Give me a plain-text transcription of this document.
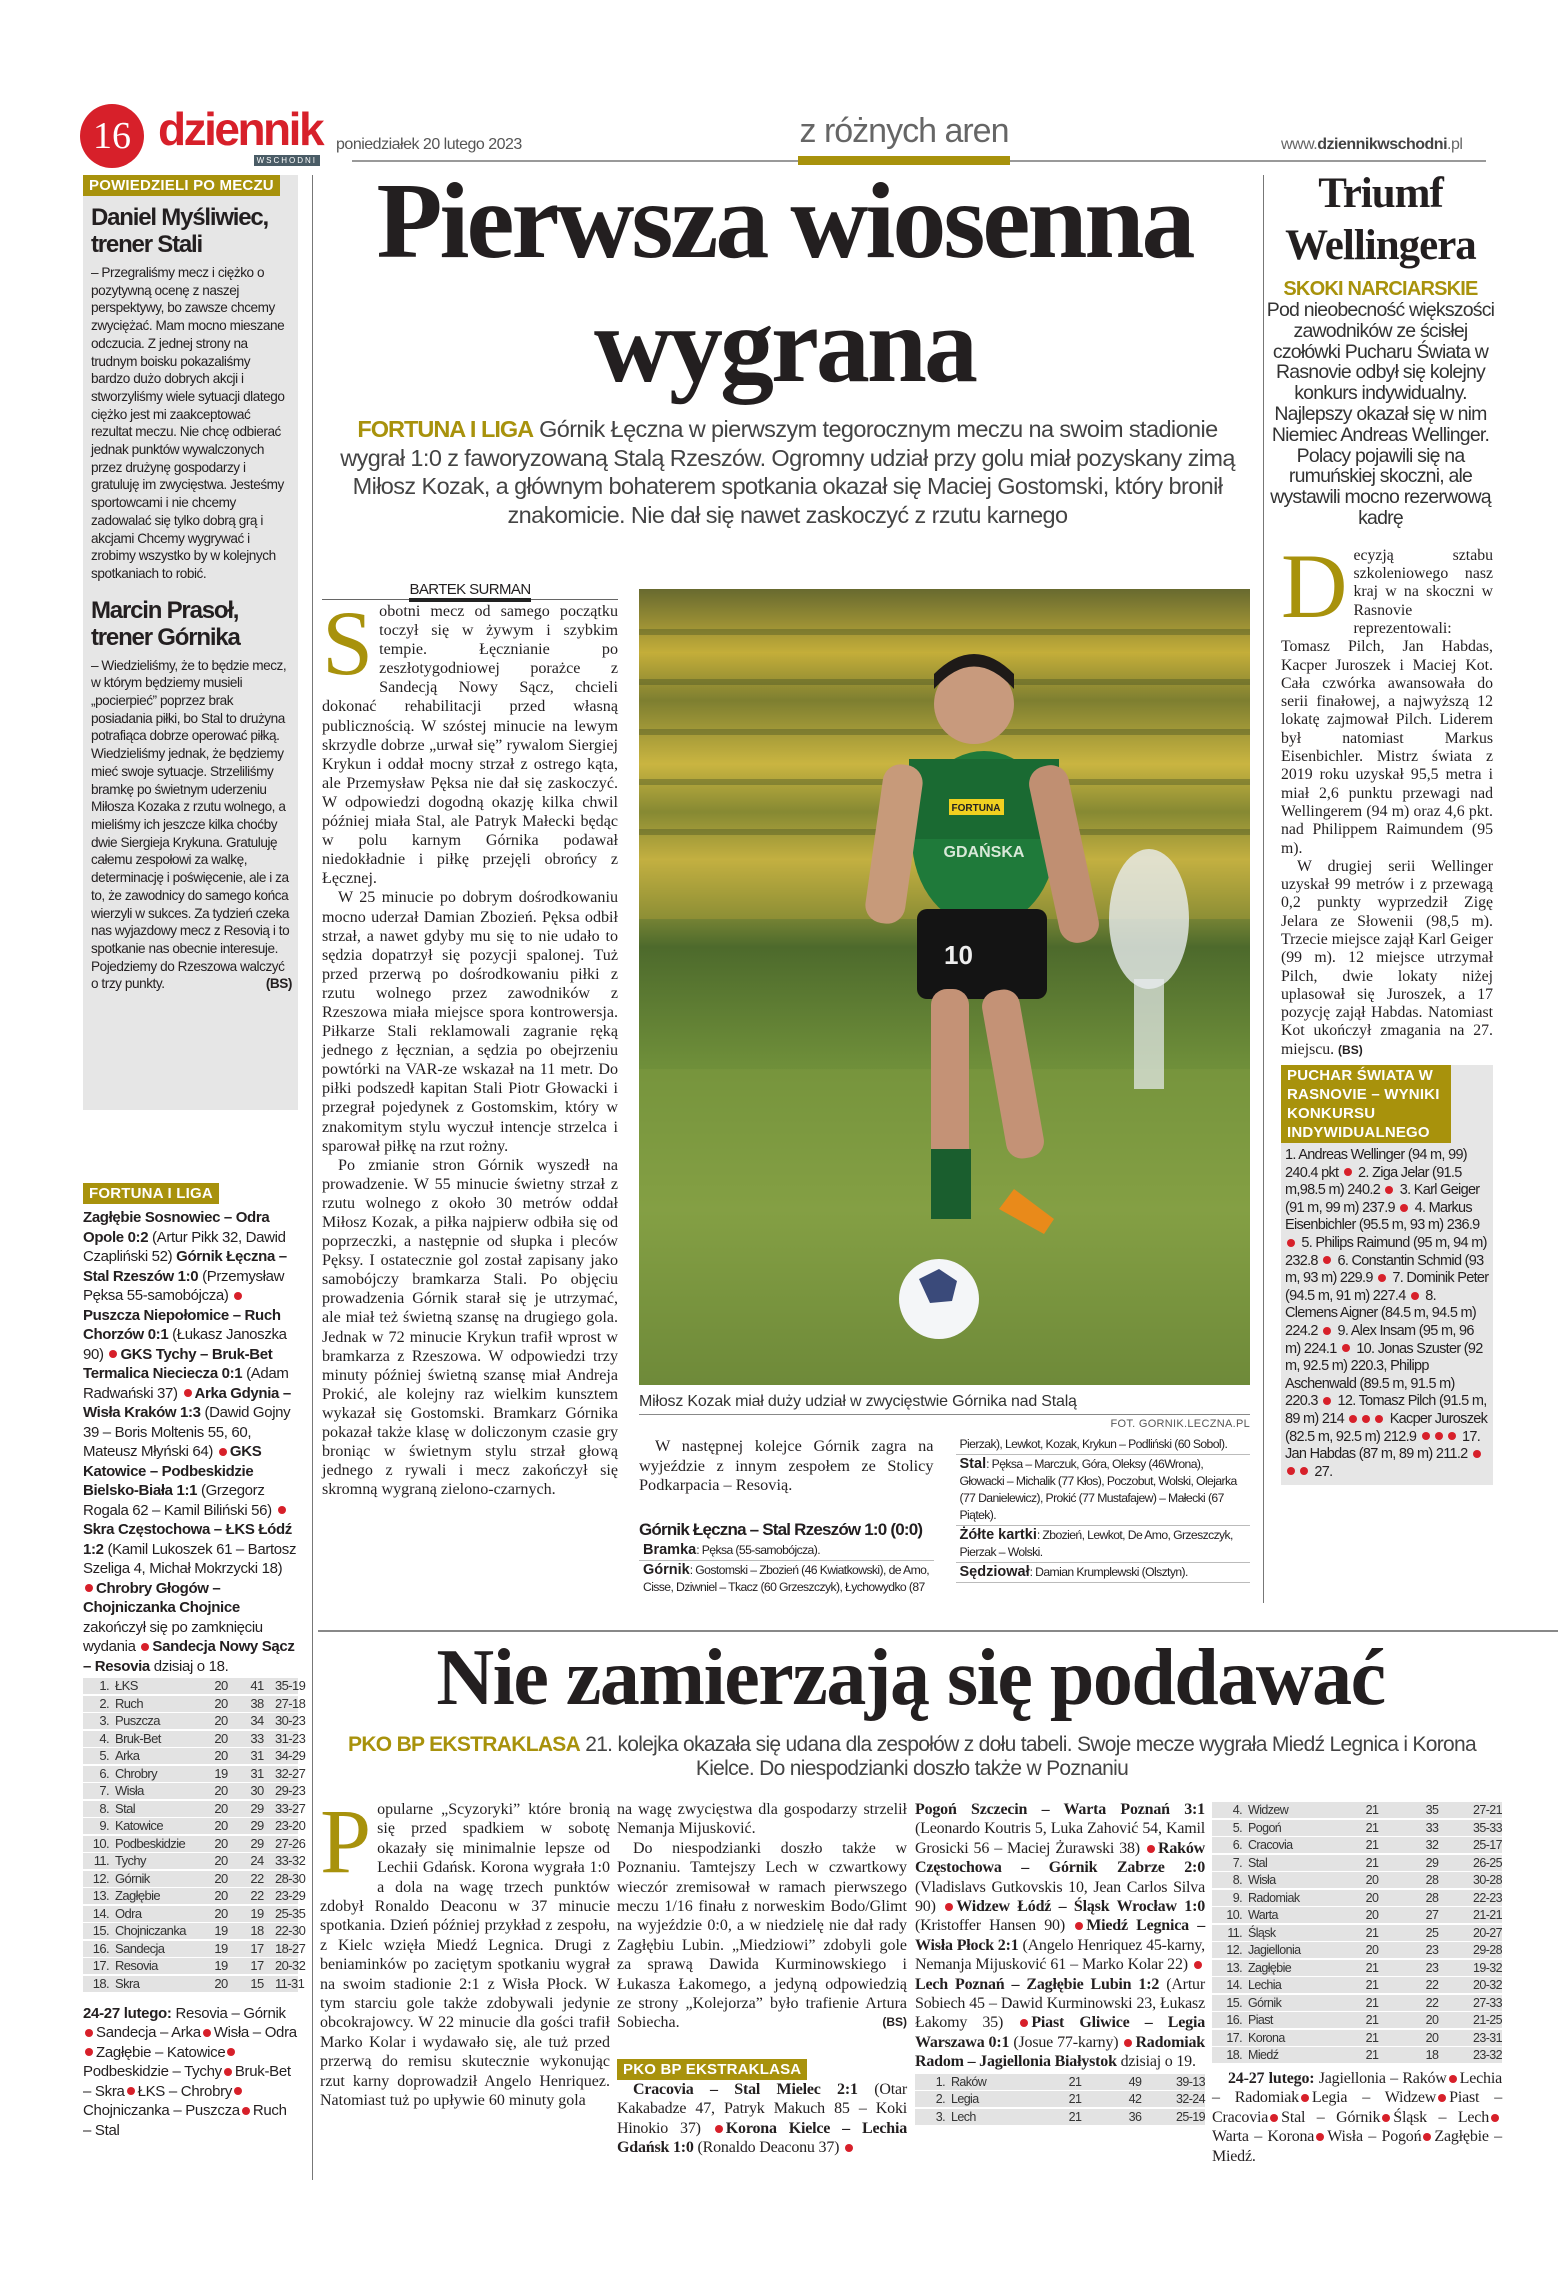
16 dziennik
WSCHODNI
poniedziałek 20 lutego 2023	z różnych aren	www.dziennikwschodni.pl
POWIEDZIELI PO MECZU
Daniel Myśliwiec, trener Stali
– Przegraliśmy mecz i ciężko o pozytywną ocenę z naszej perspektywy, bo zawsze chcemy zwyciężać. Mam mocno mieszane odczucia. Z jednej strony na trudnym boisku pokazaliśmy bardzo dużo dobrych akcji i stworzyliśmy wiele sytuacji dlatego ciężko jest mi zaakceptować rezultat meczu. Nie chcę odbierać jednak punktów wywalczonych przez drużynę gospodarzy i gratuluję im zwycięstwa. Jesteśmy sportowcami i nie chcemy zadowalać się tylko dobrą grą i akcjami Chcemy wygrywać i zrobimy wszystko by w kolejnych spotkaniach to robić.
Marcin Prasoł, trener Górnika
– Wiedzieliśmy, że to będzie mecz, w którym będziemy musieli „pocierpieć” poprzez brak posiadania piłki, bo Stal to drużyna potrafiąca dobrze operować piłką. Wiedzieliśmy jednak, że będziemy mieć swoje sytuacje. Strzeliliśmy bramkę po świetnym uderzeniu Miłosza Kozaka z rzutu wolnego, a mieliśmy ich jeszcze kilka choćby dwie Siergieja Krykuna. Gratuluję całemu zespołowi za walkę, determinację i poświęcenie, ale i za to, że zawodnicy do samego końca wierzyli w sukces. Za tydzień czeka nas wyjazdowy mecz z Resovią i to spotkanie nas obecnie interesuje. Pojedziemy do Rzeszowa walczyć o trzy punkty.	(BS)
FORTUNA I LIGA
Zagłębie Sosnowiec – Odra Opole 0:2 (Artur Pikk 32, Dawid Czapliński 52) Górnik Łęczna – Stal Rzeszów 1:0 (Przemysław Pęksa 55-samobójcza) Puszcza Niepołomice – Ruch Chorzów 0:1 (Łukasz Janoszka 90) GKS Tychy – Bruk-Bet Termalica Nieciecza 0:1 (Adam Radwański 37) Arka Gdynia – Wisła Kraków 1:3 (Dawid Gojny 39 – Boris Moltenis 55, 60, Mateusz Młyński 64) GKS Katowice – Podbeskidzie Bielsko-Biała 1:1 (Grzegorz Rogala 62 – Kamil Biliński 56) Skra Częstochowa – ŁKS Łódź 1:2 (Kamil Lukoszek 61 – Bartosz Szeliga 4, Michał Mokrzycki 18) Chrobry Głogów – Chojniczanka Chojnice zakończył się po zamknięciu wydania Sandecja Nowy Sącz – Resovia dzisiaj o 18.
1. ŁKS	20	41 35-19
2. Ruch	20	38 27-18
3. Puszcza	20	34 30-23
4. Bruk-Bet	20	33 31-23
5. Arka	20	31 34-29
6. Chrobry	19	31 32-27
7. Wisła	20	30 29-23
8. Stal	20	29 33-27
9. Katowice	20	29 23-20
10. Podbeskidzie	20	29 27-26
11. Tychy	20	24 33-32
12. Górnik	20	22 28-30
13. Zagłębie	20	22 23-29
14. Odra	20	19 25-35
15. Chojniczanka	19	18 22-30
16. Sandecja	19	17 18-27
17. Resovia	19	17 20-32
18. Skra	20	15 11-31
24-27 lutego: Resovia – GórnikSandecja – Arka Wisła – OdraZagłębie – KatowicePodbeskidzie – Tychy Bruk-Bet – Skra ŁKS – ChrobryChojniczanka – Puszcza Ruch – Stal
Pierwsza wiosenna wygrana
FORTUNA I LIGA Górnik Łęczna w pierwszym tegorocznym meczu na swoim stadionie wygrał 1:0 z faworyzowaną Stalą Rzeszów. Ogromny udział przy golu miał pozyskany zimą Miłosz Kozak, a głównym bohaterem spotkania okazał się Maciej Gostomski, który bronił znakomicie. Nie dał się nawet zaskoczyć z rzutu karnego
BARTEK SURMAN

Sobotni mecz od samego początku toczył się w żywym i szybkim tempie. Łęcznianie po zeszłotygodniowej porażce z Sandecją Nowy Sącz, chcieli dokonać rehabilitacji przed własną publicznością. W szóstej minucie na lewym skrzydle dobrze „urwał się” rywalom Siergiej Krykun i oddał mocny strzał z ostrego kąta, ale Przemysław Pęksa nie dał się zaskoczyć. W odpowiedzi dogodną okazję kilka chwil później miała Stal, ale Patryk Małecki będąc w polu karnym Górnika podawał niedokładnie i piłkę przejęli obrońcy z Łęcznej.

W 25 minucie po dobrym dośrodkowaniu mocno uderzał Damian Zbozień. Pęksa odbił strzał, a nawet gdyby mu się to nie udało to sędzia dopatrzył się pozycji spalonej. Tuż przed przerwą po dośrodkowaniu piłki z rzutu wolnego przez zawodników z Rzeszowa miała miejsce spora kontrowersja. Piłkarze Stali reklamowali zagranie ręką jednego z łęcznian, a sędzia po obejrzeniu powtórki na VAR-ze wskazał na 11 metr. Do piłki podszedł kapitan Stali Piotr Głowacki i przegrał pojedynek z Gostomskim, który w znakomitym stylu wyczuł intencje strzelca i sparował piłkę na rzut rożny.

Po zmianie stron Górnik wyszedł na prowadzenie. W 55 minucie świetny strzał z rzutu wolnego z około 30 metrów oddał Miłosz Kozak, a piłka najpierw odbiła się od poprzeczki, a następnie od słupka i pleców Pęksy. I ostatecznie gol został zapisany jako samobójczy bramkarza Stali. Po objęciu prowadzenia Górnik starał się je utrzymać, ale miał też świetną szansę na drugiego gola. Jednak w 72 minucie Krykun trafił wprost w bramkarza z Rzeszowa. W odpowiedzi trzy minuty później świetną szansę miał Andreja Prokić, ale kolejny raz wielkim kunsztem wykazał się Gostomski. Bramkarz Górnika pokazał także klasę w doliczonym czasie gry broniąc w świetnym stylu strzał głową jednego z rywali i mecz zakończył się skromną wygraną zielono-czarnych.

FORTUNA
GDAŃSKA
10
Miłosz Kozak miał duży udział w zwycięstwie Górnika nad Stalą
FOT. GORNIK.LECZNA.PL

W następnej kolejce Górnik zagra na wyjeździe z innym zespołem ze Stolicy Podkarpacia – Resovią.

Górnik Łęczna – Stal Rzeszów 1:0 (0:0)
Bramka: Pęksa (55-samobójcza).
Górnik: Gostomski – Zbozień (46 Kwiatkowski), de Amo, Cisse, Dziwniel – Tkacz (60 Grzeszczyk), Łychowydko (87 Pierzak), Lewkot, Kozak, Krykun – Podliński (60 Sobol).
Stal: Pęksa – Marczuk, Góra, Oleksy (46Wrona), Głowacki – Michalik (77 Kłos), Poczobut, Wolski, Olejarka (77 Danielewicz), Prokić (77 Mustafajew) – Małecki (67 Piątek).
Żółte kartki: Zbozień, Lewkot, De Amo, Grzeszczyk, Pierzak – Wolski.
Sędziował: Damian Krumplewski (Olsztyn).
Triumf Wellingera
SKOKI NARCIARSKIE
Pod nieobecność większości zawodników ze ścisłej czołówki Pucharu Świata w Rasnovie odbył się kolejny konkurs indywidualny. Najlepszy okazał się w nim Niemiec Andreas Wellinger. Polacy pojawili się na rumuńskiej skoczni, ale wystawili mocno rezerwową kadrę

Decyzją sztabu szkoleniowego nasz kraj w na skoczni w Rasnovie reprezentowali: Tomasz Pilch, Jan Habdas, Kacper Juroszek i Maciej Kot. Cała czwórka awansowała do serii finałowej, a najwyższą 12 lokatę zajmował Pilch. Liderem był natomiast Markus Eisenbichler. Mistrz świata z 2019 roku uzyskał 95,5 metra i miał 2,6 punktu przewagi nad Wellingerem (94 m) oraz 4,6 pkt. nad Philippem Raimundem (95 m).

W drugiej serii Wellinger uzyskał 99 metrów i z przewagą 0,2 punkty wyprzedził Zigę Jelara ze Słowenii (98,5 m). Trzecie miejsce zajął Karl Geiger (99 m). 12 miejsce utrzymał Pilch, dwie lokaty niżej uplasował się Juroszek, a 17 pozycję zajął Habdas. Natomiast Kot ukończył zmagania na 27. miejscu. (BS)

PUCHAR ŚWIATA W RASNOVIE – WYNIKI KONKURSU INDYWIDUALNEGO
1. Andreas Wellinger (94 m, 99) 240.4 pkt 2. Ziga Jelar (91.5 m,98.5 m) 240.2 3. Karl Geiger (91 m, 99 m) 237.9 4. Markus Eisenbichler (95.5 m, 93 m) 236.9  5. Philips Raimund (95 m, 94 m) 232.8 6. Constantin Schmid (93 m, 93 m) 229.9 7. Dominik Peter (94.5 m, 91 m) 227.4 8. Clemens Aigner (84.5 m, 94.5 m) 224.2 9. Alex Insam (95 m, 96 m) 224.1 10. Jonas Szuster (92 m, 92.5 m) 220.3, Philipp Aschenwald (89.5 m, 91.5 m) 220.3 12. Tomasz Pilch (91.5 m, 89 m) 214	Kacper Juroszek (82.5 m, 92.5 m) 212.9	17. Jan Habdas (87 m, 89 m) 211.2  27.
Nie zamierzają się poddawać
PKO BP EKSTRAKLASA 21. kolejka okazała się udana dla zespołów z dołu tabeli. Swoje mecze wygrała Miedź Legnica i Korona Kielce. Do niespodzianki doszło także w Poznaniu

Popularne „Scyzoryki” które bronią się przed spadkiem w sobotę okazały się minimalnie lepsze od Lechii Gdańsk. Korona wygrała 1:0 a dola na wagę trzech punktów zdobył Ronaldo Deaconu w 37 minucie spotkania. Dzień później przykład z zespołu, z Kielc wzięła Miedź Legnica. Drugi z beniaminków po zaciętym spotkaniu wygrał na swoim stadionie 2:1 z Wisła Płock. W tym starciu gole także zdobywali jedynie obcokrajowcy. W 22 minucie dla gości trafił Marko Kolar i wydawało się, ale tuż przed przerwą do remisu skutecznie wykonując rzut karny doprowadził Angelo Henriquez. Natomiast tuż po upływie 60 minuty gola

na wagę zwycięstwa dla gospodarzy strzelił Nemanja Mijusković.

Do niespodzianki doszło także w Poznaniu. Tamtejszy Lech w czwartkowy wieczór zremisował w ramach pierwszego meczu 1/16 finału z norweskim Bodo/Glimt na wyjeździe 0:0, a w niedzielę nie dał rady Zagłębiu Lubin. „Miedziowi” zdobyli gole za sprawą Dawida Kurminowskiego i Łukasza Łakomego, a jedyną odpowiedzią ze strony „Kolejorza” było trafienie Artura Sobiecha.	(BS)

PKO BP EKSTRAKLASA
Cracovia – Stal Mielec 2:1 (Otar Kakabadze 47, Patryk Makuch 85 – Koki Hinokio 37) Korona Kielce – Lechia Gdańsk 1:0 (Ronaldo Deaconu 37)
Pogoń Szczecin – Warta Poznań 3:1 (Leonardo Koutris 5, Luka Zahović 54, Kamil Grosicki 56 – Maciej Żurawski 38) Raków Częstochowa – Górnik Zabrze 2:0 (Vladislavs Gutkovskis 10, Jean Carlos Silva 90) Widzew Łódź – Śląsk Wrocław 1:0 (Kristoffer Hansen 90) Miedź Legnica – Wisła Płock 2:1 (Angelo Henriquez 45-karny, Nemanja Mijusković 61 – Marko Kolar 22) Lech Poznań – Zagłębie Lubin 1:2 (Artur Sobiech 45 – Dawid Kurminowski 23, Łukasz Łakomy 35) Piast Gliwice – Legia Warszawa 0:1 (Josue 77-karny) Radomiak Radom – Jagiellonia Białystok dzisiaj o 19.
1. Raków	21	49	39-13
2. Legia	21	42	32-24
3. Lech	21	36	25-19
4. Widzew	21	35	27-21
5. Pogoń	21	33	35-33
6. Cracovia	21	32	25-17
7. Stal	21	29	26-25
8. Wisła	20	28	30-28
9. Radomiak	20	28	22-23
10. Warta	20	27	21-21
11. Śląsk	21	25	20-27
12. Jagiellonia	20	23	29-28
13. Zagłębie	21	23	19-32
14. Lechia	21	22	20-32
15. Górnik	21	22	27-33
16. Piast	21	20	21-25
17. Korona	21	20	23-31
18. Miedź	21	18	23-32
24-27 lutego: Jagiellonia – Raków Lechia – Radomiak Legia – Widzew Piast – Cracovia Stal – Górnik Śląsk – LechWarta – Korona Wisła – Pogoń Zagłębie – Miedź.
